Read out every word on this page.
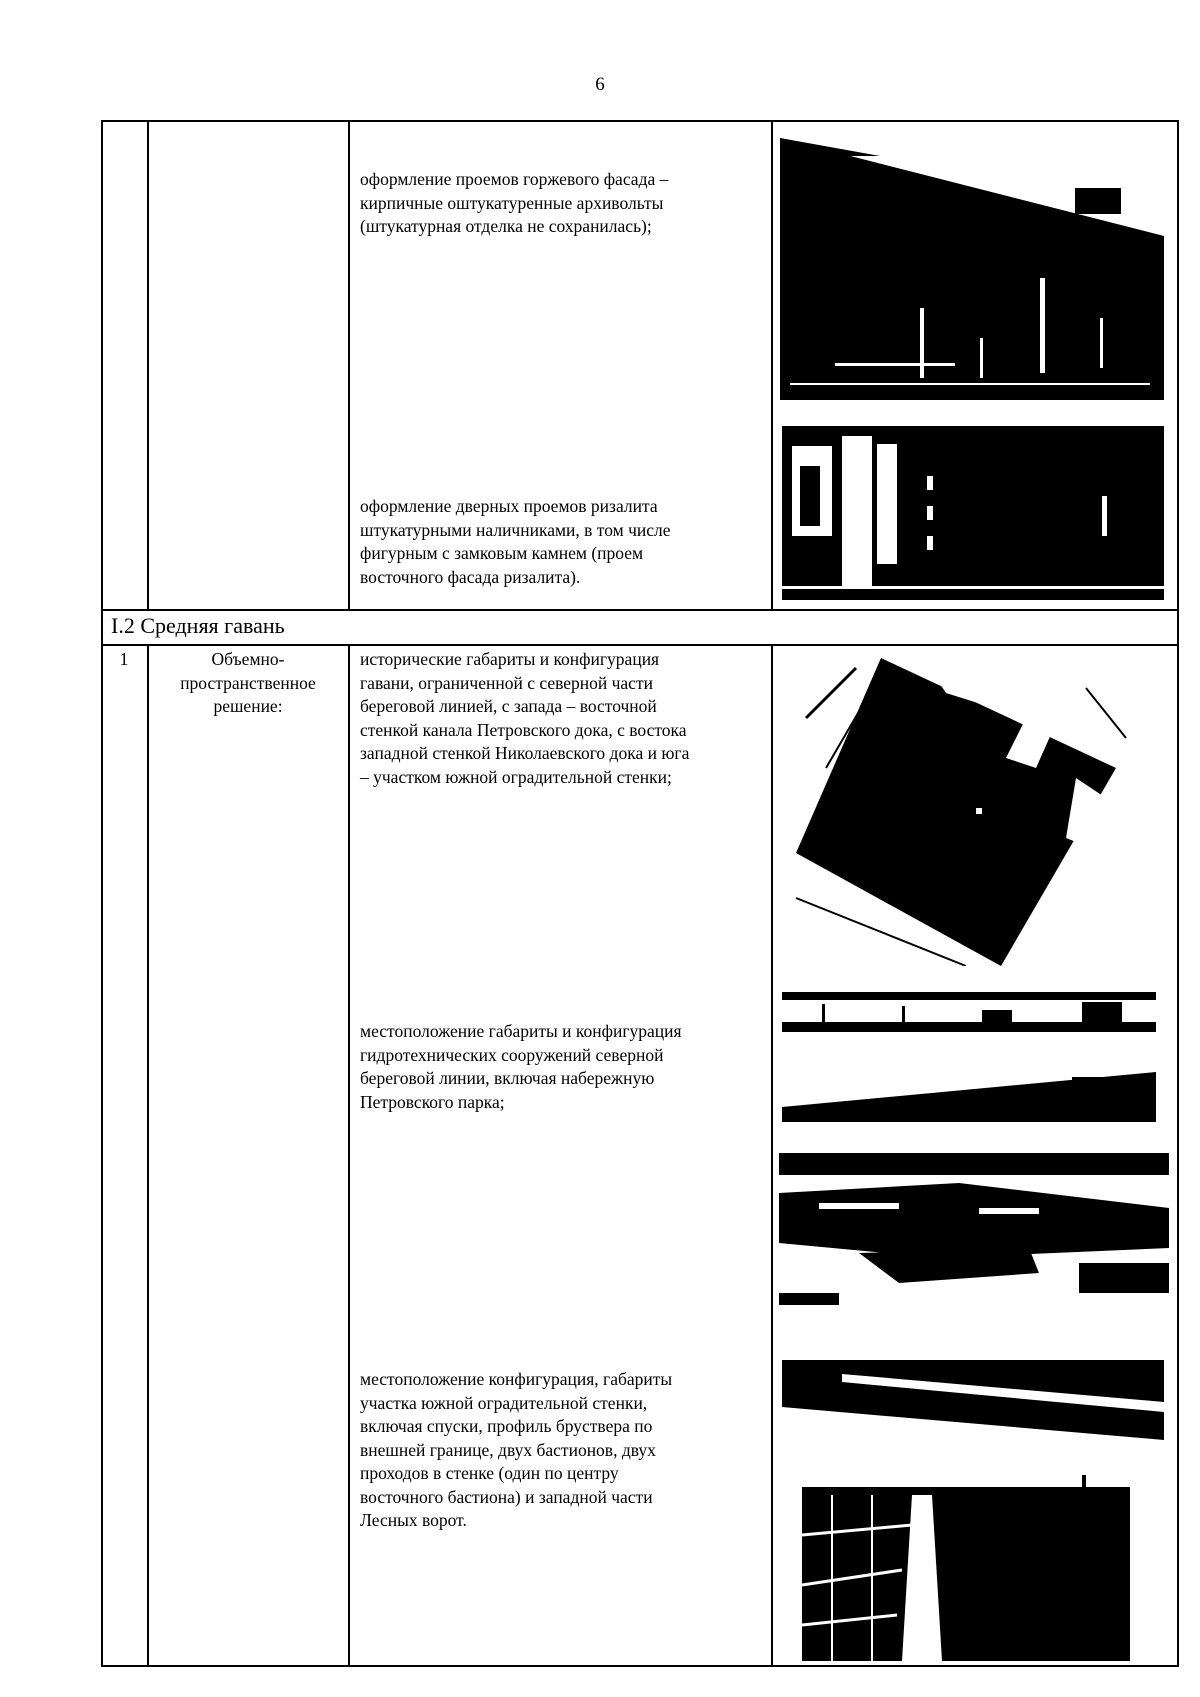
6

оформление проемов горжевого фасада –
кирпичные оштукатуренные архивольты
(штукатурная отделка не сохранилась);

оформление дверных проемов ризалита
штукатурными наличниками, в том числе
фигурным с замковым камнем (проем
восточного фасада ризалита).

I.2 Средняя гавань
1	Объемно-
пространственное
решение:

исторические габариты и конфигурация
гавани, ограниченной с северной части
береговой линией, с запада – восточной
стенкой канала Петровского дока, с востока
западной стенкой Николаевского дока и юга
– участком южной оградительной стенки;

местоположение габариты и конфигурация
гидротехнических сооружений северной
береговой линии, включая набережную
Петровского парка;

местоположение конфигурация, габариты
участка южной оградительной стенки,
включая спуски, профиль бруствера по
внешней границе, двух бастионов, двух
проходов в стенке (один по центру
восточного бастиона) и западной части
Лесных ворот.
